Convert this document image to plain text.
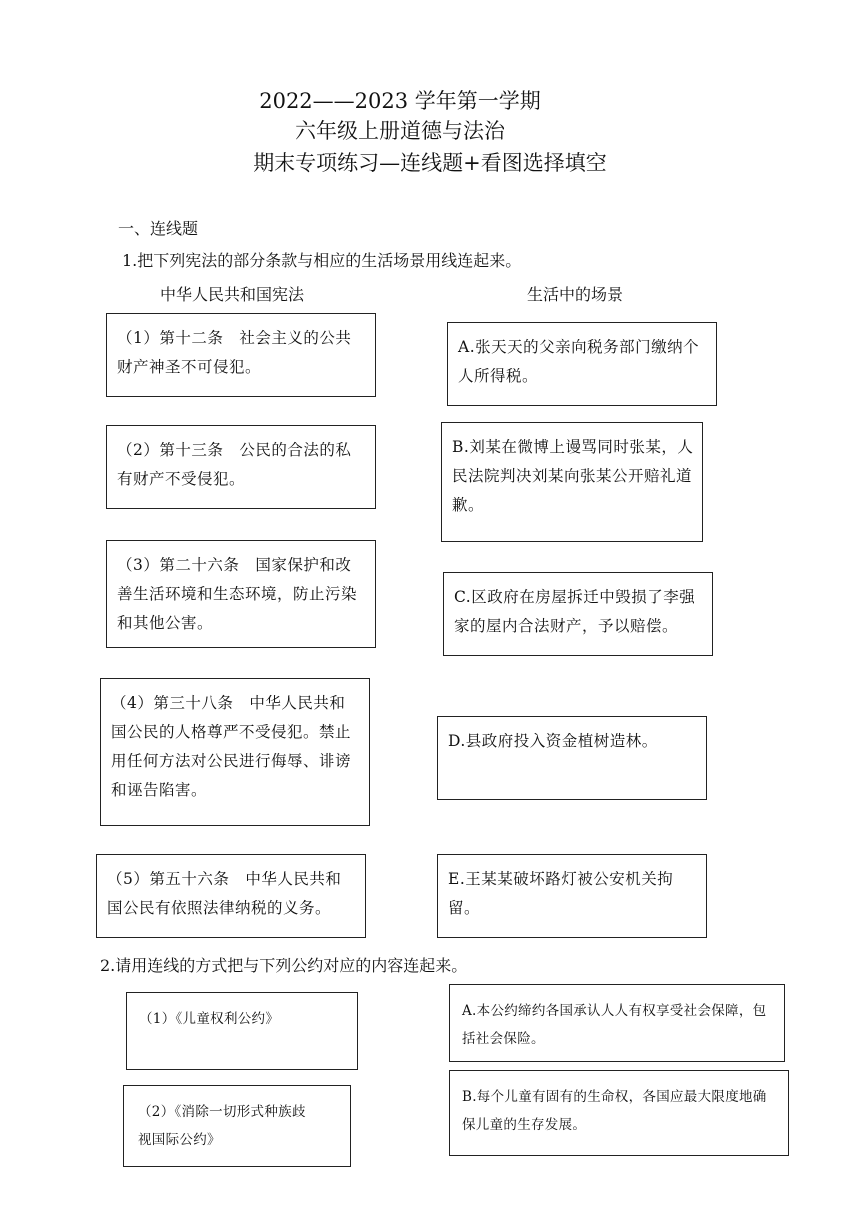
2022——2023 学年第一学期
六年级上册道德与法治
期末专项练习—连线题+看图选择填空
一、连线题
1.把下列宪法的部分条款与相应的生活场景用线连起来。
中华人民共和国宪法	生活中的场景
（1）第十二条　社会主义的公共财产神圣不可侵犯。
（2）第十三条　公民的合法的私有财产不受侵犯。
（3）第二十六条　国家保护和改善生活环境和生态环境，防止污染和其他公害。
（4）第三十八条　中华人民共和国公民的人格尊严不受侵犯。禁止用任何方法对公民进行侮辱、诽谤和诬告陷害。
（5）第五十六条　中华人民共和国公民有依照法律纳税的义务。
A.张天天的父亲向税务部门缴纳个人所得税。
B.刘某在微博上谩骂同时张某，人民法院判决刘某向张某公开赔礼道歉。
C.区政府在房屋拆迁中毁损了李强家的屋内合法财产，予以赔偿。
D.县政府投入资金植树造林。
E.王某某破坏路灯被公安机关拘留。
2.请用连线的方式把与下列公约对应的内容连起来。
（1）《儿童权利公约》
（2）《消除一切形式种族歧视国际公约》
A.本公约缔约各国承认人人有权享受社会保障，包括社会保险。
B.每个儿童有固有的生命权，各国应最大限度地确保儿童的生存发展。
